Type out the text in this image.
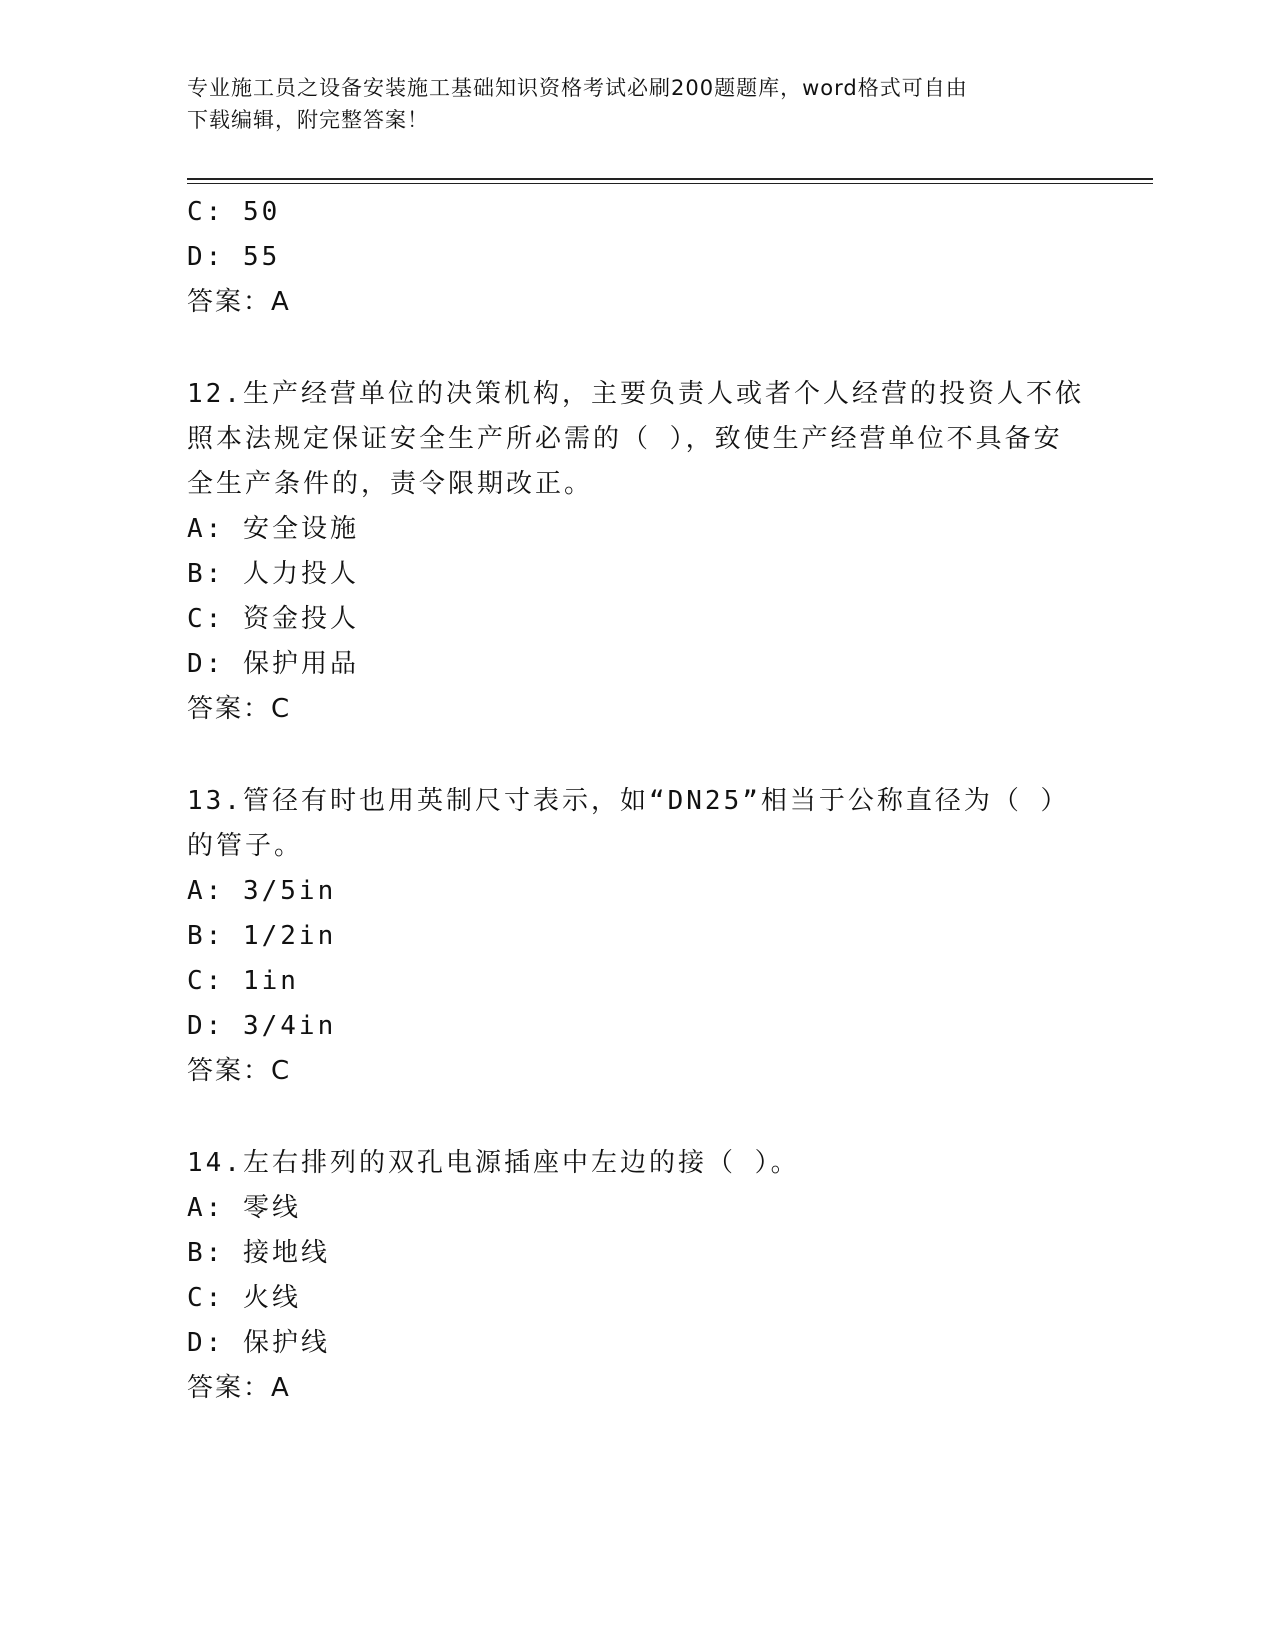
专业施工员之设备安装施工基础知识资格考试必刷200题题库，word格式可自由
下载编辑，附完整答案！
C: 50
D: 55
答案：A
12.生产经营单位的决策机构，主要负责人或者个人经营的投资人不依
照本法规定保证安全生产所必需的（ ），致使生产经营单位不具备安
全生产条件的，责令限期改正。
A: 安全设施
B: 人力投人
C: 资金投人
D: 保护用品
答案：C
13.管径有时也用英制尺寸表示，如“DN25”相当于公称直径为（ ）
的管子。
A: 3/5in
B: 1/2in
C: 1in
D: 3/4in
答案：C
14.左右排列的双孔电源插座中左边的接（ ）。
A: 零线
B: 接地线
C: 火线
D: 保护线
答案：A
